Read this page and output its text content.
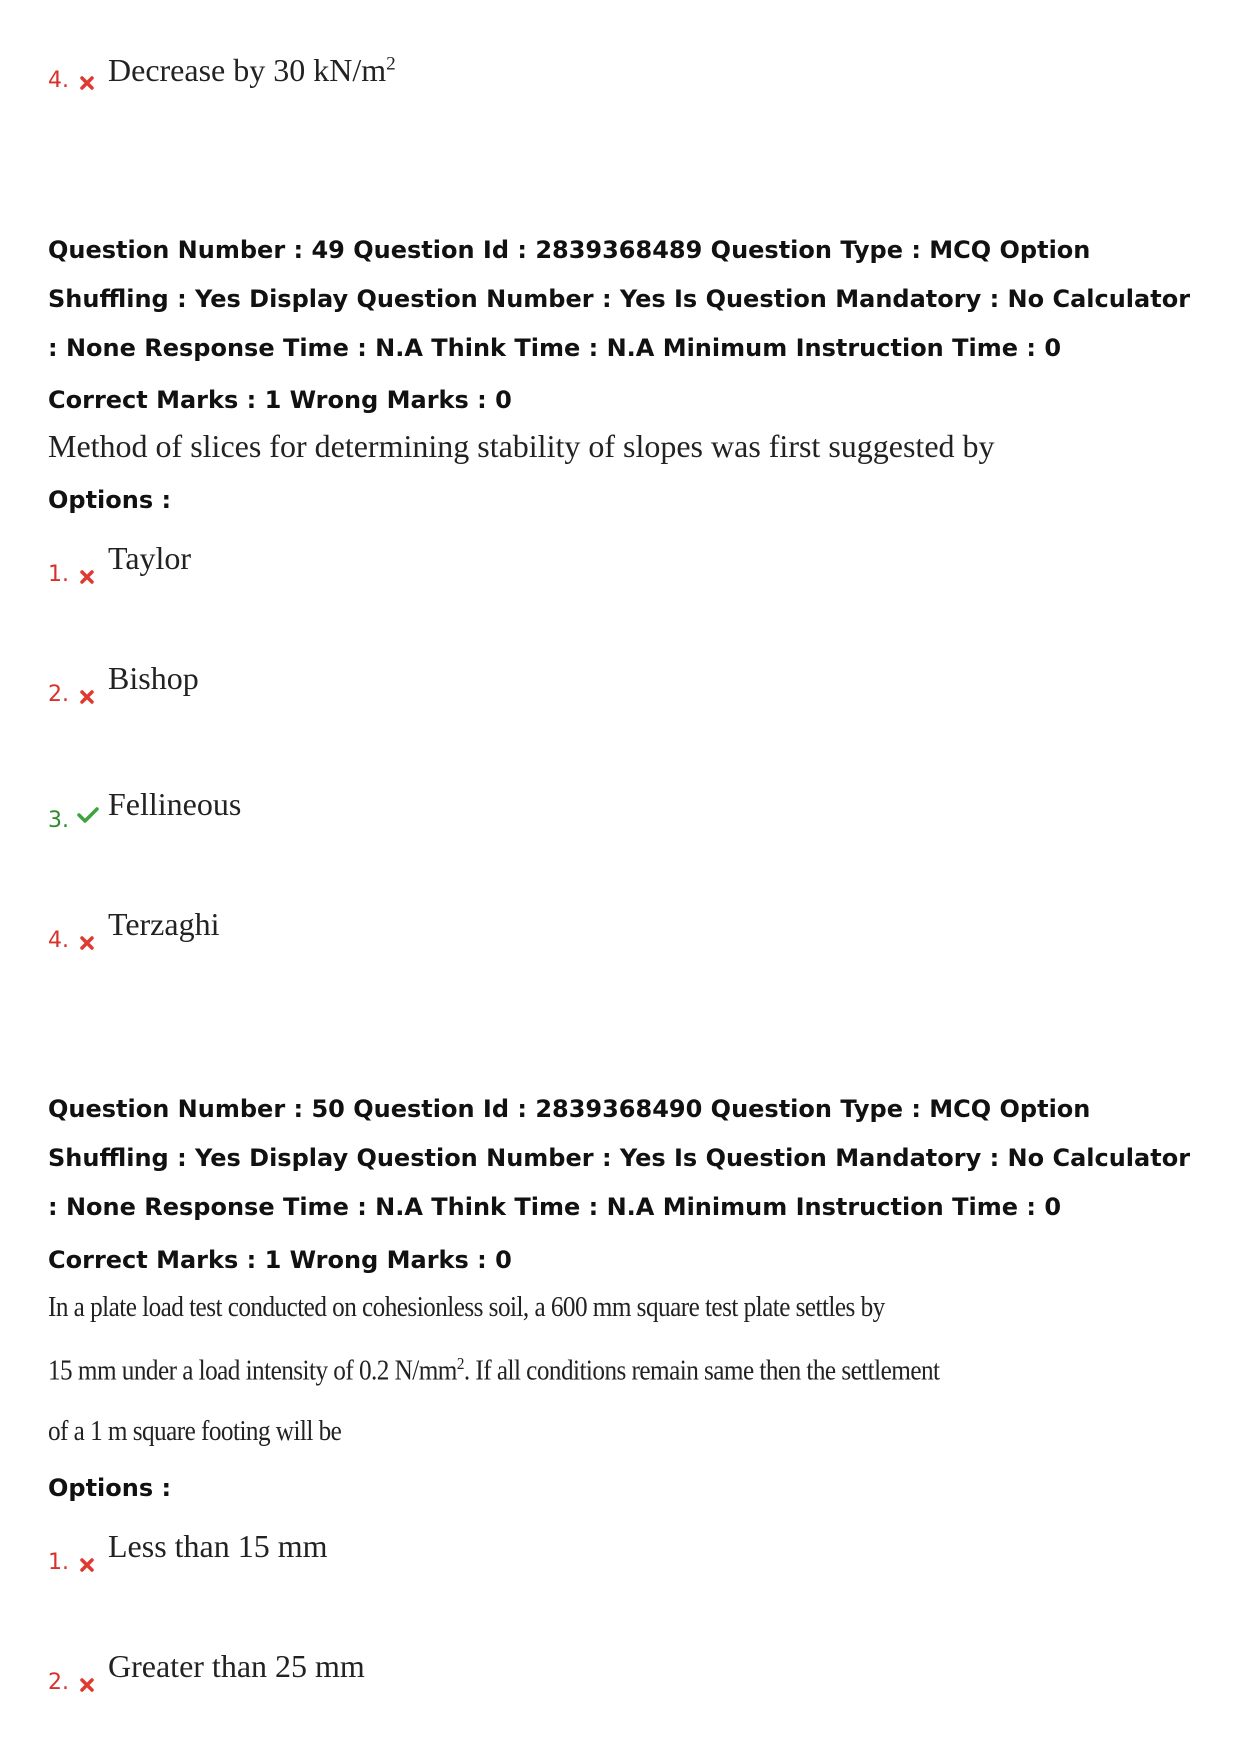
4. Decrease by 30 $kN/m^2$
Question Number : 49 Question Id : 2839368489 Question Type : MCQ Option Shuffling : Yes Display Question Number : Yes Is Question Mandatory : No Calculator : None Response Time : N.A Think Time : N.A Minimum Instruction Time : 0
Correct Marks : 1 Wrong Marks : 0
Method of slices for determining stability of slopes was first suggested by
Options :
1. Taylor
2. Bishop
3. Fellineous
4. Terzaghi
Question Number : 50 Question Id : 2839368490 Question Type : MCQ Option Shuffling : Yes Display Question Number : Yes Is Question Mandatory : No Calculator : None Response Time : N.A Think Time : N.A Minimum Instruction Time : 0
Correct Marks : 1 Wrong Marks : 0
In a plate load test conducted on cohesionless soil, a 600 mm square test plate settles by
15 mm under a load intensity of 0.2 $N/mm^2$. If all conditions remain same then the settlement
of a 1 m square footing will be
Options :
1. Less than 15 mm
2. Greater than 25 mm
